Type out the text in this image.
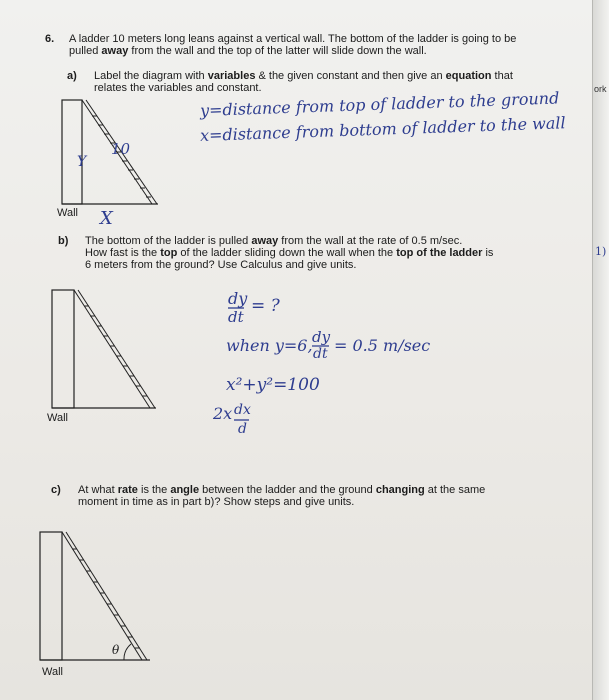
6. A ladder 10 meters long leans against a vertical wall. The bottom of the ladder is going to be
pulled away from the wall and the top of the latter will slide down the wall.
a) Label the diagram with variables & the given constant and then give an equation that
relates the variables and constant.
Wall
Y
10
X
y=distance from top of ladder to the ground
x=distance from bottom of ladder to the wall
b) The bottom of the ladder is pulled away from the wall at the rate of 0.5 m/sec.
How fast is the top of the ladder sliding down the wall when the top of the ladder is
6 meters from the ground? Use Calculus and give units.
Wall
dy
dt
= ?
when y=6, dy
dt = 0.5 m/sec
x²+y²=100
2x dx
d
c) At what rate is the angle between the ladder and the ground changing at the same
moment in time as in part b)? Show steps and give units.
Wall
θ
ork
1)
